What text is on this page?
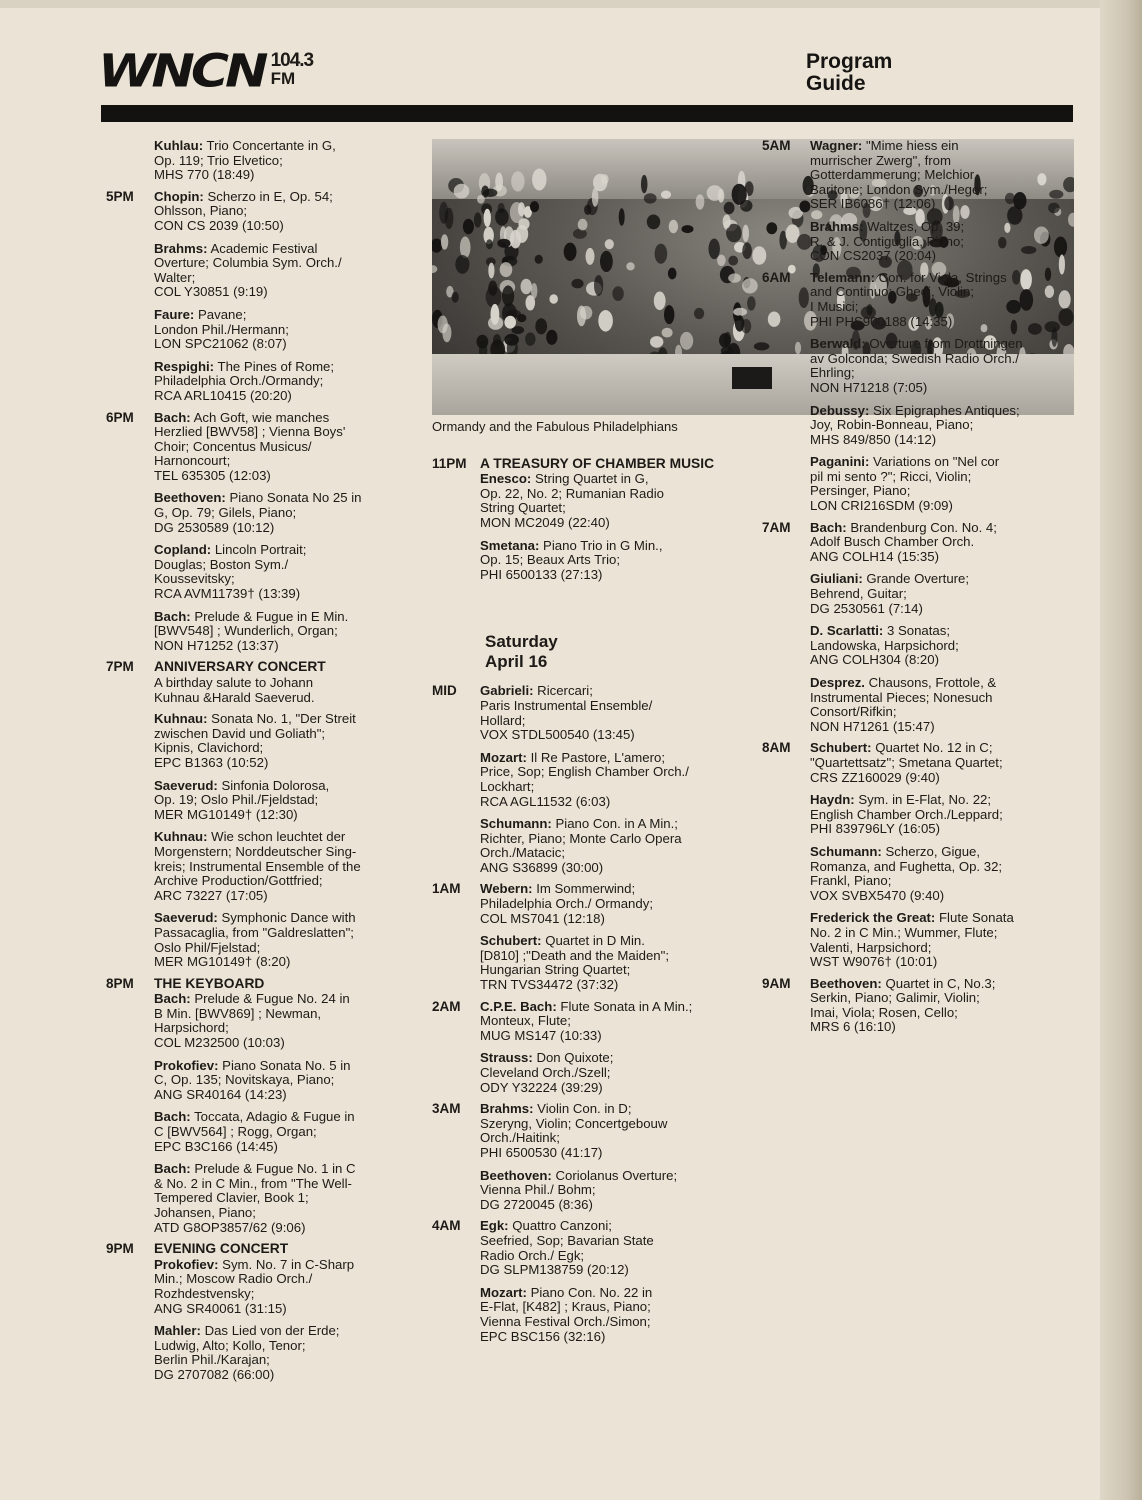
WNCN 104.3
FM
Program
Guide
Kuhlau: Trio Concertante in G,
Op. 119; Trio Elvetico;
MHS 770 (18:49)
5PM	Chopin: Scherzo in E, Op. 54;
Ohlsson, Piano;
CON CS 2039 (10:50)
Brahms: Academic Festival
Overture; Columbia Sym. Orch./
Walter;
COL Y30851 (9:19)
Faure: Pavane;
London Phil./Hermann;
LON SPC21062 (8:07)
Respighi: The Pines of Rome;
Philadelphia Orch./Ormandy;
RCA ARL10415 (20:20)
6PM	Bach: Ach Goft, wie manches
Herzlied [BWV58] ; Vienna Boys'
Choir; Concentus Musicus/
Harnoncourt;
TEL 635305 (12:03)
Beethoven: Piano Sonata No 25 in
G, Op. 79; Gilels, Piano;
DG 2530589 (10:12)
Copland: Lincoln Portrait;
Douglas; Boston Sym./
Koussevitsky;
RCA AVM11739† (13:39)
Bach: Prelude & Fugue in E Min.
[BWV548] ; Wunderlich, Organ;
NON H71252 (13:37)
7PM	ANNIVERSARY CONCERT
A birthday salute to Johann
Kuhnau &Harald Saeverud.
Kuhnau: Sonata No. 1, "Der Streit
zwischen David und Goliath";
Kipnis, Clavichord;
EPC B1363 (10:52)
Saeverud: Sinfonia Dolorosa,
Op. 19; Oslo Phil./Fjeldstad;
MER MG10149† (12:30)
Kuhnau: Wie schon leuchtet der
Morgenstern; Norddeutscher Sing-
kreis; Instrumental Ensemble of the
Archive Production/Gottfried;
ARC 73227 (17:05)
Saeverud: Symphonic Dance with
Passacaglia, from "Galdreslatten";
Oslo Phil/Fjelstad;
MER MG10149† (8:20)
8PM	THE KEYBOARD
Bach: Prelude & Fugue No. 24 in
B Min. [BWV869] ; Newman,
Harpsichord;
COL M232500 (10:03)
Prokofiev: Piano Sonata No. 5 in
C, Op. 135; Novitskaya, Piano;
ANG SR40164 (14:23)
Bach: Toccata, Adagio & Fugue in
C [BWV564] ; Rogg, Organ;
EPC B3C166 (14:45)
Bach: Prelude & Fugue No. 1 in C
& No. 2 in C Min., from "The Well-
Tempered Clavier, Book 1;
Johansen, Piano;
ATD G8OP3857/62 (9:06)
9PM	EVENING CONCERT
Prokofiev: Sym. No. 7 in C-Sharp
Min.; Moscow Radio Orch./
Rozhdestvensky;
ANG SR40061 (31:15)
Mahler: Das Lied von der Erde;
Ludwig, Alto; Kollo, Tenor;
Berlin Phil./Karajan;
DG 2707082 (66:00)
Ormandy and the Fabulous Philadelphians
11PM A TREASURY OF CHAMBER MUSIC
Enesco: String Quartet in G,
Op. 22, No. 2; Rumanian Radio
String Quartet;
MON MC2049 (22:40)
Smetana: Piano Trio in G Min.,
Op. 15; Beaux Arts Trio;
PHI 6500133 (27:13)
Saturday
April 16
MID	Gabrieli: Ricercari;
Paris Instrumental Ensemble/
Hollard;
VOX STDL500540 (13:45)
Mozart: Il Re Pastore, L'amero;
Price, Sop; English Chamber Orch./
Lockhart;
RCA AGL11532 (6:03)
Schumann: Piano Con. in A Min.;
Richter, Piano; Monte Carlo Opera
Orch./Matacic;
ANG S36899 (30:00)
1AM	Webern: Im Sommerwind;
Philadelphia Orch./ Ormandy;
COL MS7041 (12:18)
Schubert: Quartet in D Min.
[D810] ;"Death and the Maiden";
Hungarian String Quartet;
TRN TVS34472 (37:32)
2AM	C.P.E. Bach: Flute Sonata in A Min.;
Monteux, Flute;
MUG MS147 (10:33)
Strauss: Don Quixote;
Cleveland Orch./Szell;
ODY Y32224 (39:29)
3AM	Brahms: Violin Con. in D;
Szeryng, Violin; Concertgebouw
Orch./Haitink;
PHI 6500530 (41:17)
Beethoven: Coriolanus Overture;
Vienna Phil./ Bohm;
DG 2720045 (8:36)
4AM	Egk: Quattro Canzoni;
Seefried, Sop; Bavarian State
Radio Orch./ Egk;
DG SLPM138759 (20:12)
Mozart: Piano Con. No. 22 in
E-Flat, [K482] ; Kraus, Piano;
Vienna Festival Orch./Simon;
EPC BSC156 (32:16)
5AM	Wagner: "Mime hiess ein
murrischer Zwerg", from
Gotterdammerung; Melchior,
Baritone; London Sym./Heger;
SER IB6086† (12:06)
Brahms: Waltzes, Op. 39;
R. & J. Contiguglia, Piano;
CON CS2037 (20:04)
6AM	Telemann: Con. for Viola, Strings
and Continuo; Ghedi, Violin;
I Musici;
PHI PHS900188 (14:35)
Berwald: Overture from Drottningen
av Golconda; Swedish Radio Orch./
Ehrling;
NON H71218 (7:05)
Debussy: Six Epigraphes Antiques;
Joy, Robin-Bonneau, Piano;
MHS 849/850 (14:12)
Paganini: Variations on "Nel cor
pil mi sento ?"; Ricci, Violin;
Persinger, Piano;
LON CRI216SDM (9:09)
7AM	Bach: Brandenburg Con. No. 4;
Adolf Busch Chamber Orch.
ANG COLH14 (15:35)
Giuliani: Grande Overture;
Behrend, Guitar;
DG 2530561 (7:14)
D. Scarlatti: 3 Sonatas;
Landowska, Harpsichord;
ANG COLH304 (8:20)
Desprez. Chausons, Frottole, &
Instrumental Pieces; Nonesuch
Consort/Rifkin;
NON H71261 (15:47)
8AM	Schubert: Quartet No. 12 in C;
"Quartettsatz"; Smetana Quartet;
CRS ZZ160029 (9:40)
Haydn: Sym. in E-Flat, No. 22;
English Chamber Orch./Leppard;
PHI 839796LY (16:05)
Schumann: Scherzo, Gigue,
Romanza, and Fughetta, Op. 32;
Frankl, Piano;
VOX SVBX5470 (9:40)
Frederick the Great: Flute Sonata
No. 2 in C Min.; Wummer, Flute;
Valenti, Harpsichord;
WST W9076† (10:01)
9AM	Beethoven: Quartet in C, No.3;
Serkin, Piano; Galimir, Violin;
Imai, Viola; Rosen, Cello;
MRS 6 (16:10)
